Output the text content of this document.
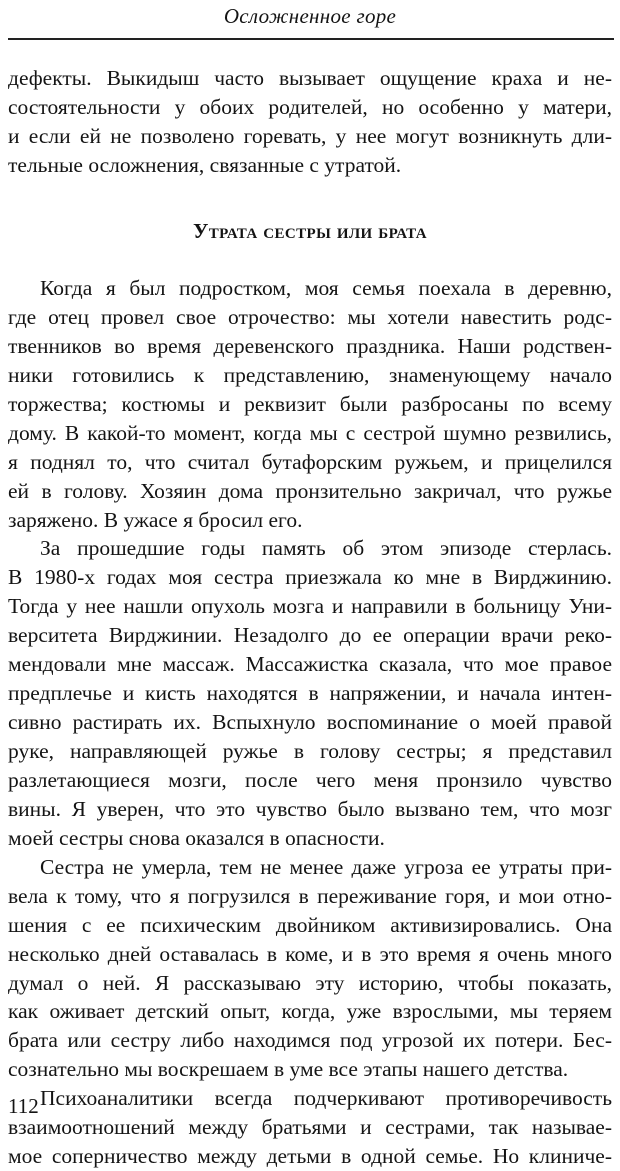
Осложненное горе
дефекты. Выкидыш часто вызывает ощущение краха и не-
состоятельности у обоих родителей, но особенно у матери,
и если ей не позволено горевать, у нее могут возникнуть дли-
тельные осложнения, связанные с утратой.
Утрата сестры или брата
Когда я был подростком, моя семья поехала в деревню,
где отец провел свое отрочество: мы хотели навестить родс-
твенников во время деревенского праздника. Наши родствен-
ники готовились к представлению, знаменующему начало
торжества; костюмы и реквизит были разбросаны по всему
дому. В какой-то момент, когда мы с сестрой шумно резвились,
я поднял то, что считал бутафорским ружьем, и прицелился
ей в голову. Хозяин дома пронзительно закричал, что ружье
заряжено. В ужасе я бросил его.
За прошедшие годы память об этом эпизоде стерлась.
В 1980-х годах моя сестра приезжала ко мне в Вирджинию.
Тогда у нее нашли опухоль мозга и направили в больницу Уни-
верситета Вирджинии. Незадолго до ее операции врачи реко-
мендовали мне массаж. Массажистка сказала, что мое правое
предплечье и кисть находятся в напряжении, и начала интен-
сивно растирать их. Вспыхнуло воспоминание о моей правой
руке, направляющей ружье в голову сестры; я представил
разлетающиеся мозги, после чего меня пронзило чувство
вины. Я уверен, что это чувство было вызвано тем, что мозг
моей сестры снова оказался в опасности.
Сестра не умерла, тем не менее даже угроза ее утраты при-
вела к тому, что я погрузился в переживание горя, и мои отно-
шения с ее психическим двойником активизировались. Она
несколько дней оставалась в коме, и в это время я очень много
думал о ней. Я рассказываю эту историю, чтобы показать,
как оживает детский опыт, когда, уже взрослыми, мы теряем
брата или сестру либо находимся под угрозой их потери. Бес-
сознательно мы воскрешаем в уме все этапы нашего детства.
Психоаналитики всегда подчеркивают противоречивость
взаимоотношений между братьями и сестрами, так называе-
мое соперничество между детьми в одной семье. Но клиниче-
112
